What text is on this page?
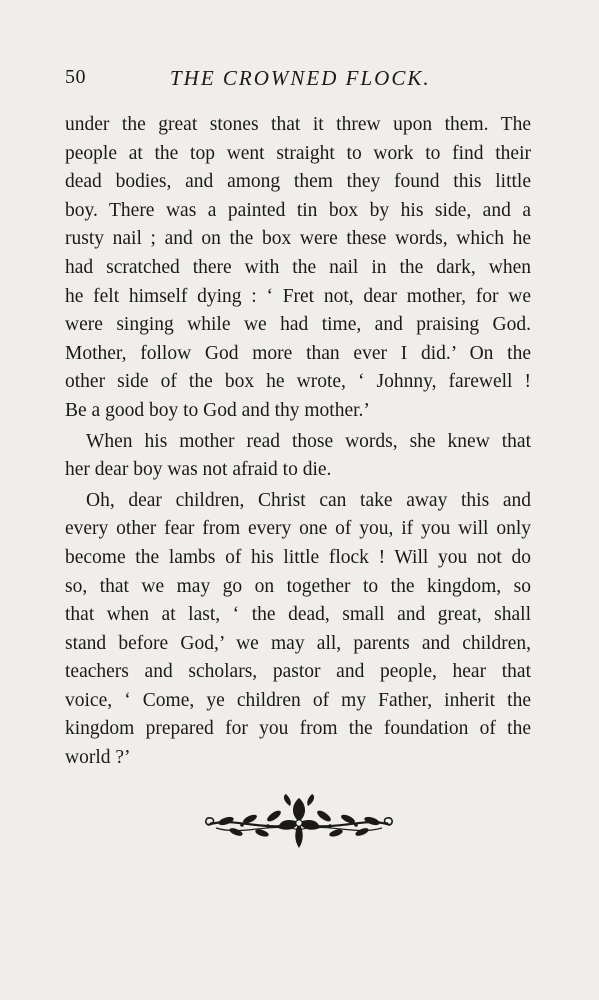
50	THE CROWNED FLOCK.

under the great stones that it threw upon them. The
people at the top went straight to work to find their
dead bodies, and among them they found this little
boy. There was a painted tin box by his side, and a
rusty nail ; and on the box were these words, which he
had scratched there with the nail in the dark, when
he felt himself dying : ‘ Fret not, dear mother, for we
were singing while we had time, and praising God.
Mother, follow God more than ever I did.’ On the
other side of the box he wrote, ‘ Johnny, farewell !
Be a good boy to God and thy mother.’

When his mother read those words, she knew that
her dear boy was not afraid to die.

Oh, dear children, Christ can take away this and
every other fear from every one of you, if you will only
become the lambs of his little flock ! Will you not do
so, that we may go on together to the kingdom, so
that when at last, ‘ the dead, small and great, shall
stand before God,’ we may all, parents and children,
teachers and scholars, pastor and people, hear that
voice, ‘ Come, ye children of my Father, inherit the
kingdom prepared for you from the foundation of the
world ?’
